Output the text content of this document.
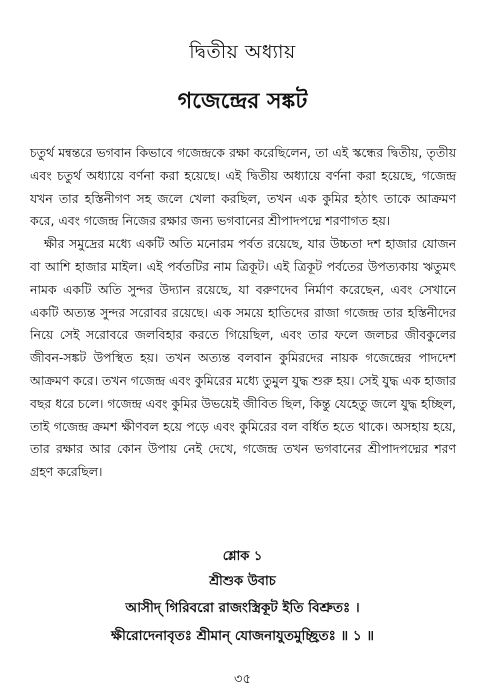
দ্বিতীয় অধ্যায়
গজেন্দ্রের সঙ্কট

চতুর্থ মন্বন্তরে ভগবান কিভাবে গজেন্দ্রকে রক্ষা করেছিলেন, তা এই স্কন্ধের দ্বিতীয়, তৃতীয় এবং চতুর্থ অধ্যায়ে বর্ণনা করা হয়েছে। এই দ্বিতীয় অধ্যায়ে বর্ণনা করা হয়েছে, গজেন্দ্র যখন তার হস্তিনীগণ সহ জলে খেলা করছিল, তখন এক কুমির হঠাৎ তাকে আক্রমণ করে, এবং গজেন্দ্র নিজের রক্ষার জন্য ভগবানের শ্রীপাদপদ্মে শরণাগত হয়।

ক্ষীর সমুদ্রের মধ্যে একটি অতি মনোরম পর্বত রয়েছে, যার উচ্চতা দশ হাজার যোজন বা আশি হাজার মাইল। এই পর্বতটির নাম ত্রিকূট। এই ত্রিকূট পর্বতের উপত্যকায় ঋতুমৎ নামক একটি অতি সুন্দর উদ্যান রয়েছে, যা বরুণদেব নির্মাণ করেছেন, এবং সেখানে একটি অত্যন্ত সুন্দর সরোবর রয়েছে। এক সময়ে হাতিদের রাজা গজেন্দ্র তার হস্তিনীদের নিয়ে সেই সরোবরে জলবিহার করতে গিয়েছিল, এবং তার ফলে জলচর জীবকুলের জীবন-সঙ্কট উপস্থিত হয়। তখন অত্যন্ত বলবান কুমিরদের নায়ক গজেন্দ্রের পাদদেশ আক্রমণ করে। তখন গজেন্দ্র এবং কুমিরের মধ্যে তুমুল যুদ্ধ শুরু হয়। সেই যুদ্ধ এক হাজার বছর ধরে চলে। গজেন্দ্র এবং কুমির উভয়েই জীবিত ছিল, কিন্তু যেহেতু জলে যুদ্ধ হচ্ছিল, তাই গজেন্দ্র ক্রমশ ক্ষীণবল হয়ে পড়ে এবং কুমিরের বল বর্ধিত হতে থাকে। অসহায় হয়ে, তার রক্ষার আর কোন উপায় নেই দেখে, গজেন্দ্র তখন ভগবানের শ্রীপাদপদ্মের শরণ গ্রহণ করেছিল।

শ্লোক ১
শ্রীশুক উবাচ
আসীদ্ গিরিবরো রাজংস্ত্রিকূট ইতি বিশ্রুতঃ ।
ক্ষীরোদেনাবৃতঃ শ্রীমান্ যোজনাযুতমুচ্ছ্রিতঃ ॥ ১ ॥
৩৫
